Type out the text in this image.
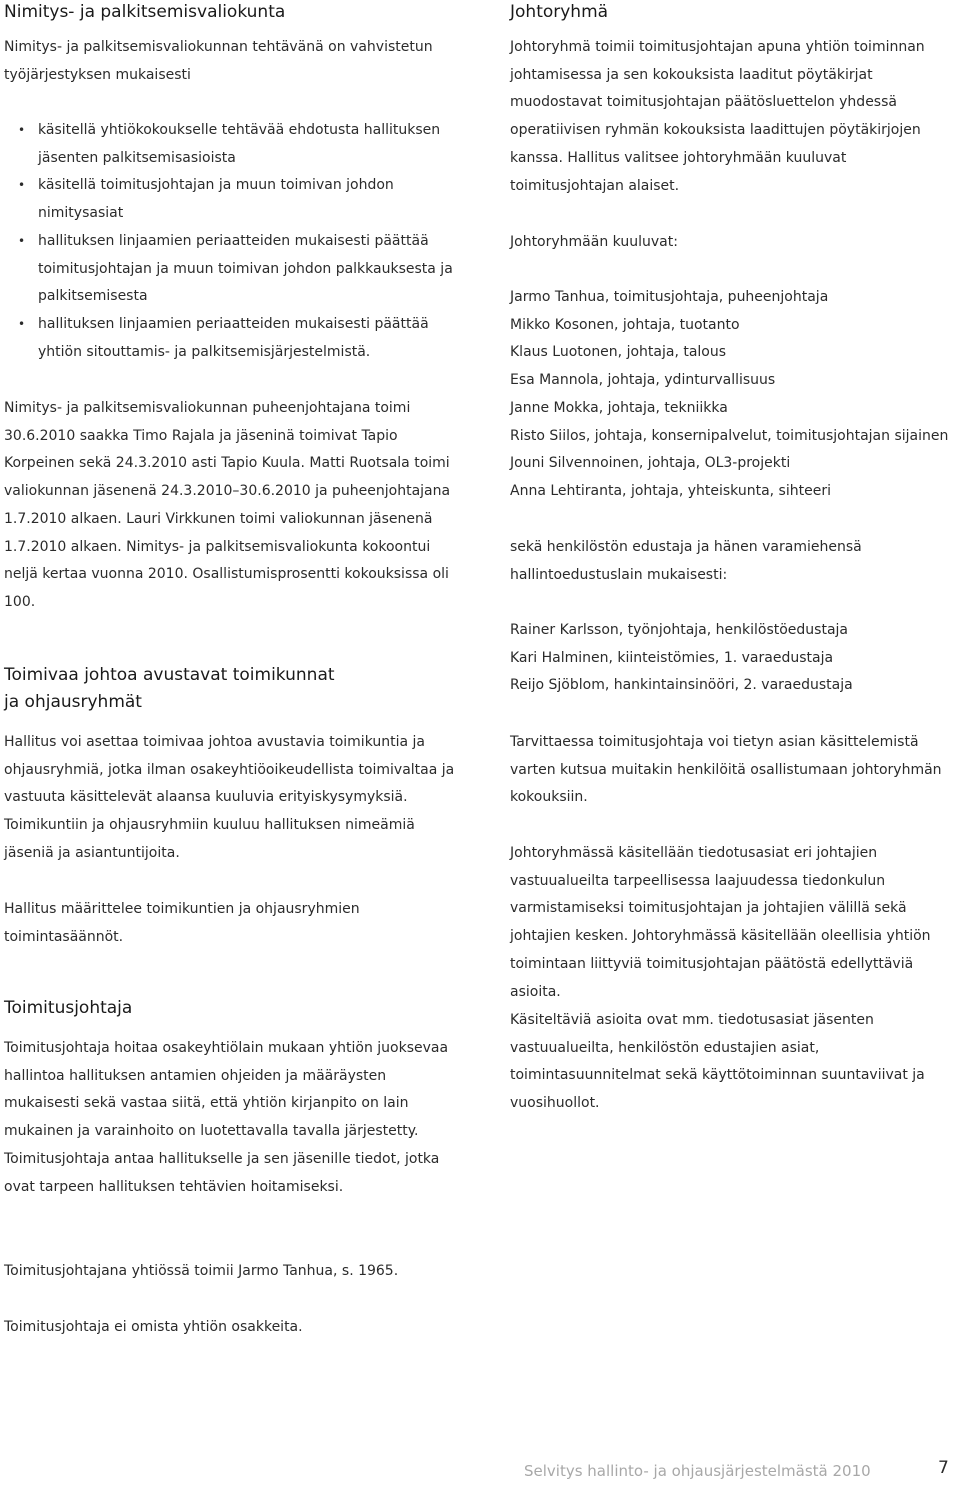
Nimitys- ja palkitsemisvaliokunta

Nimitys- ja palkitsemisvaliokunnan tehtävänä on vahvistetun työjärjestyksen mukaisesti

• käsitellä yhtiökokoukselle tehtävää ehdotusta hallituksen jäsenten palkitsemisasioista
• käsitellä toimitusjohtajan ja muun toimivan johdon nimitysasiat
• hallituksen linjaamien periaatteiden mukaisesti päättää toimitusjohtajan ja muun toimivan johdon palkkauksesta ja palkitsemisesta
• hallituksen linjaamien periaatteiden mukaisesti päättää yhtiön sitouttamis- ja palkitsemisjärjestelmistä.

Nimitys- ja palkitsemisvaliokunnan puheenjohtajana toimi 30.6.2010 saakka Timo Rajala ja jäseninä toimivat Tapio Korpeinen sekä 24.3.2010 asti Tapio Kuula. Matti Ruotsala toimi valiokunnan jäsenenä 24.3.2010–30.6.2010 ja puheenjohtajana 1.7.2010 alkaen. Lauri Virkkunen toimi valiokunnan jäsenenä 1.7.2010 alkaen. Nimitys- ja palkitsemisvaliokunta kokoontui neljä kertaa vuonna 2010. Osallistumisprosentti kokouksissa oli 100.

Toimivaa johtoa avustavat toimikunnat
ja ohjausryhmät

Hallitus voi asettaa toimivaa johtoa avustavia toimikuntia ja ohjausryhmiä, jotka ilman osakeyhtiöoikeudellista toimivaltaa ja vastuuta käsittelevät alaansa kuuluvia erityiskysymyksiä. Toimikuntiin ja ohjausryhmiin kuuluu hallituksen nimeämiä jäseniä ja asiantuntijoita.

Hallitus määrittelee toimikuntien ja ohjausryhmien toimintasäännöt.

Toimitusjohtaja

Toimitusjohtaja hoitaa osakeyhtiölain mukaan yhtiön juoksevaa hallintoa hallituksen antamien ohjeiden ja määräysten mukaisesti sekä vastaa siitä, että yhtiön kirjanpito on lain mukainen ja varainhoito on luotettavalla tavalla järjestetty. Toimitusjohtaja antaa hallitukselle ja sen jäsenille tiedot, jotka ovat tarpeen hallituksen tehtävien hoitamiseksi.

Toimitusjohtajana yhtiössä toimii Jarmo Tanhua, s. 1965.

Toimitusjohtaja ei omista yhtiön osakkeita.

Johtoryhmä

Johtoryhmä toimii toimitusjohtajan apuna yhtiön toiminnan johtamisessa ja sen kokouksista laaditut pöytäkirjat muodostavat toimitusjohtajan päätösluettelon yhdessä operatiivisen ryhmän kokouksista laadittujen pöytäkirjojen kanssa. Hallitus valitsee johtoryhmään kuuluvat toimitusjohtajan alaiset.

Johtoryhmään kuuluvat:

Jarmo Tanhua, toimitusjohtaja, puheenjohtaja

Mikko Kosonen, johtaja, tuotanto

Klaus Luotonen, johtaja, talous

Esa Mannola, johtaja, ydinturvallisuus

Janne Mokka, johtaja, tekniikka

Risto Siilos, johtaja, konsernipalvelut, toimitusjohtajan sijainen

Jouni Silvennoinen, johtaja, OL3-projekti

Anna Lehtiranta, johtaja, yhteiskunta, sihteeri

sekä henkilöstön edustaja ja hänen varamiehensä hallintoedustuslain mukaisesti:

Rainer Karlsson, työnjohtaja, henkilöstöedustaja

Kari Halminen, kiinteistömies, 1. varaedustaja

Reijo Sjöblom, hankintainsinööri, 2. varaedustaja

Tarvittaessa toimitusjohtaja voi tietyn asian käsittelemistä varten kutsua muitakin henkilöitä osallistumaan johtoryhmän kokouksiin.

Johtoryhmässä käsitellään tiedotusasiat eri johtajien vastuualueilta tarpeellisessa laajuudessa tiedonkulun varmistamiseksi toimitusjohtajan ja johtajien välillä sekä johtajien kesken. Johtoryhmässä käsitellään oleellisia yhtiön toimintaan liittyviä toimitusjohtajan päätöstä edellyttäviä asioita.

Käsiteltäviä asioita ovat mm. tiedotusasiat jäsenten vastuualueilta, henkilöstön edustajien asiat, toimintasuunnitelmat sekä käyttötoiminnan suuntaviivat ja vuosihuollot.

Selvitys hallinto- ja ohjausjärjestelmästä 2010	7
